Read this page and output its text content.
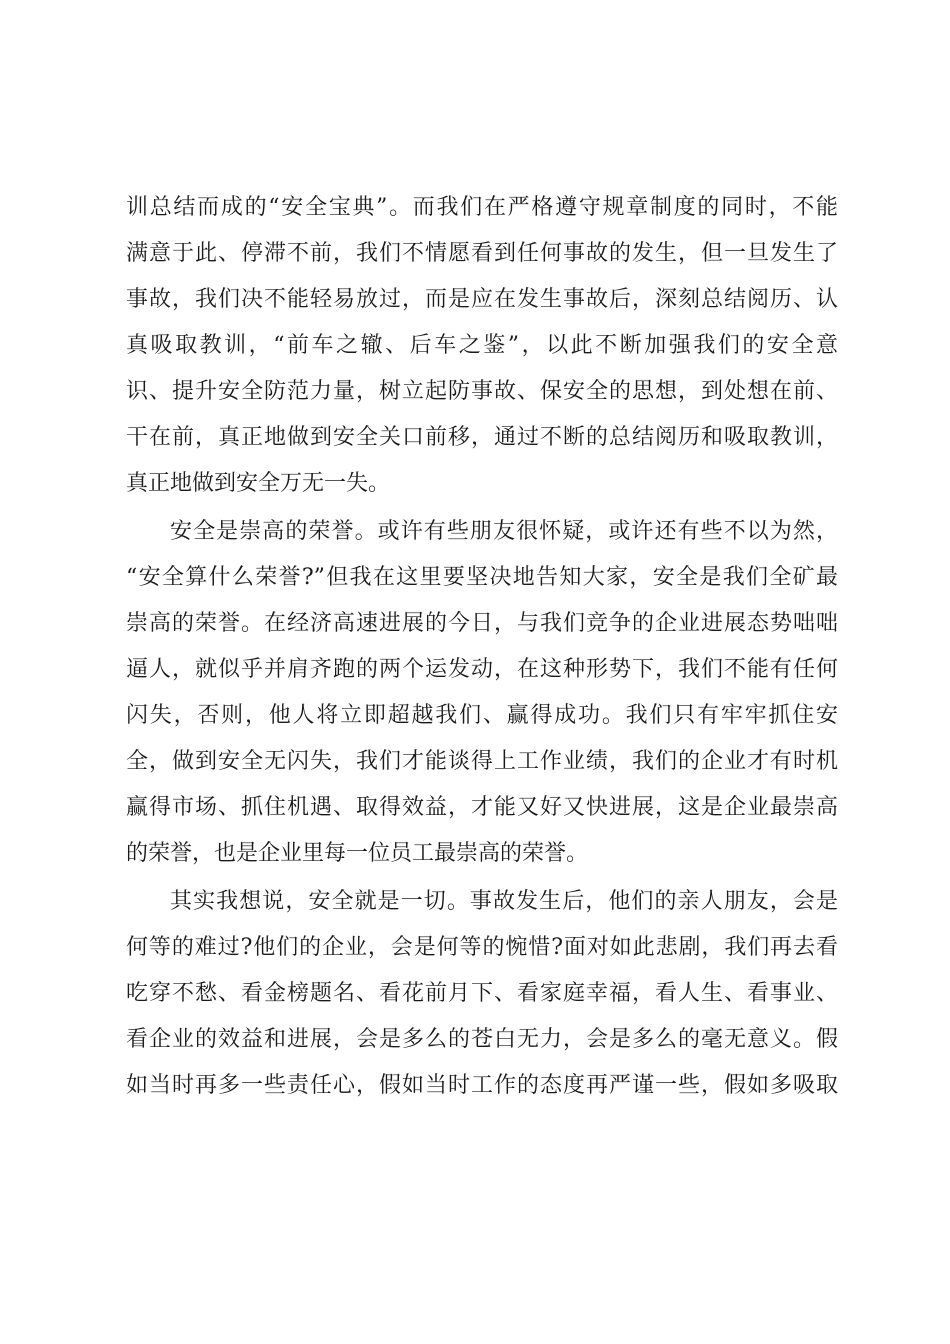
训总结而成的“安全宝典”。而我们在严格遵守规章制度的同时，不能
满意于此、停滞不前，我们不情愿看到任何事故的发生，但一旦发生了
事故，我们决不能轻易放过，而是应在发生事故后，深刻总结阅历、认
真吸取教训，“前车之辙、后车之鉴”，以此不断加强我们的安全意
识、提升安全防范力量，树立起防事故、保安全的思想，到处想在前、
干在前，真正地做到安全关口前移，通过不断的总结阅历和吸取教训，
真正地做到安全万无一失。
安全是崇高的荣誉。或许有些朋友很怀疑，或许还有些不以为然，
“安全算什么荣誉?”但我在这里要坚决地告知大家，安全是我们全矿最
崇高的荣誉。在经济高速进展的今日，与我们竞争的企业进展态势咄咄
逼人，就似乎并肩齐跑的两个运发动，在这种形势下，我们不能有任何
闪失，否则，他人将立即超越我们、赢得成功。我们只有牢牢抓住安
全，做到安全无闪失，我们才能谈得上工作业绩，我们的企业才有时机
赢得市场、抓住机遇、取得效益，才能又好又快进展，这是企业最崇高
的荣誉，也是企业里每一位员工最崇高的荣誉。
其实我想说，安全就是一切。事故发生后，他们的亲人朋友，会是
何等的难过?他们的企业，会是何等的惋惜?面对如此悲剧，我们再去看
吃穿不愁、看金榜题名、看花前月下、看家庭幸福，看人生、看事业、
看企业的效益和进展，会是多么的苍白无力，会是多么的毫无意义。假
如当时再多一些责任心，假如当时工作的态度再严谨一些，假如多吸取
